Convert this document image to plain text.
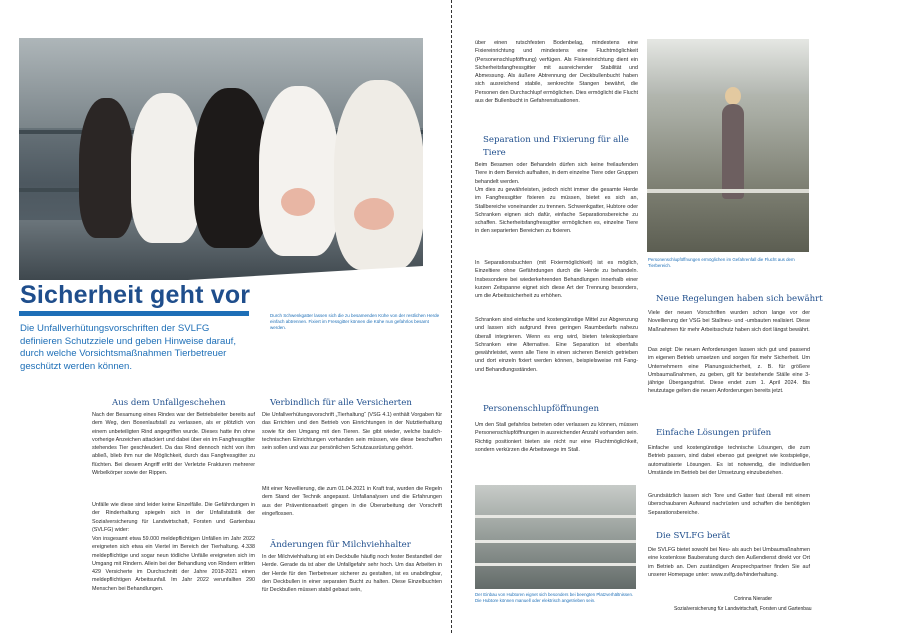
Sicherheit geht vor

Durch Schwenkgatter lassen sich die zu besamenden Kühe von der restlichen Herde einfach abtrennen. Fixiert im Fressgitter können die Kühe nun gefahrlos besamt werden.

Die Unfallverhütungsvorschriften der SVLFG definieren Schutzziele und geben Hinweise darauf, durch welche Vorsichtsmaßnahmen Tierbetreuer geschützt werden können.

Aus dem Unfallgeschehen

Nach der Besamung eines Rindes war der Betriebsleiter bereits auf dem Weg, den Boxenlaufstall zu verlassen, als er plötzlich von einem unbeteiligten Rind angegriffen wurde. Dieses hatte ihn ohne vorherige Anzeichen attackiert und dabei über ein im Fangfressgitter stehendes Tier geschleudert. Da das Rind dennoch nicht von ihm abließ, blieb ihm nur die Möglichkeit, durch das Fangfressgitter zu flüchten. Bei diesem Angriff erlitt der Verletzte Frakturen mehrerer Wirbelkörper sowie der Rippen.

Unfälle wie diese sind leider keine Einzelfälle. Die Gefährdungen in der Rinderhaltung spiegeln sich in der Unfallstatistik der Sozialversicherung für Landwirtschaft, Forsten und Gartenbau (SVLFG) wider:

Von insgesamt etwa 59.000 meldepflichtigen Unfällen im Jahr 2022 ereigneten sich etwa ein Viertel im Bereich der Tierhaltung. 4.338 meldepflichtige und sogar neun tödliche Unfälle ereigneten sich im Umgang mit Rindern. Allein bei der Behandlung von Rindern erlitten 429 Versicherte im Durchschnitt der Jahre 2018-2021 einen meldepflichtigen Arbeitsunfall. Im Jahr 2022 verunfallten 290 Menschen bei Behandlungen.

Verbindlich für alle Versicherten

Die Unfallverhütungsvorschrift „Tierhaltung“ (VSG 4.1) enthält Vorgaben für das Errichten und den Betrieb von Einrichtungen in der Nutztierhaltung sowie für den Umgang mit den Tieren. Sie gibt wieder, welche baulich-technischen Einrichtungen vorhanden sein müssen, wie diese beschaffen sein sollen und was zur persönlichen Schutzausrüstung gehört.

Mit einer Novellierung, die zum 01.04.2021 in Kraft trat, wurden die Regeln dem Stand der Technik angepasst. Unfallanalysen und die Erfahrungen aus der Präventionsarbeit gingen in die Überarbeitung der Vorschrift eingeflossen.

Änderungen für Milchviehhalter

In der Milchviehhaltung ist ein Deckbulle häufig noch fester Bestandteil der Herde. Gerade da ist aber die Unfallgefahr sehr hoch. Um das Arbeiten in der Herde für den Tierbetreuer sicherer zu gestalten, ist es unabdingbar, den Deckbullen in einer separaten Bucht zu halten. Diese Einzelbuchten für Deckbullen müssen stabil gebaut sein,

über einen rutschfesten Bodenbelag, mindestens eine Fixiereinrichtung und mindestens eine Fluchtmöglichkeit (Personenschlupföffnung) verfügen. Als Fixiereinrichtung dient ein Sicherheitsfangfressgitter mit ausreichender Stabilität und Abmessung. Als äußere Abtrennung der Deckbullenbucht haben sich ausreichend stabile, senkrechte Stangen bewährt, die Personen den Durchschlupf ermöglichen. Dies ermöglicht die Flucht aus der Bullenbucht in Gefahrensituationen.

Separation und Fixierung für alle Tiere

Beim Besamen oder Behandeln dürfen sich keine freilaufenden Tiere in dem Bereich aufhalten, in dem einzelne Tiere oder Gruppen behandelt werden.

Um dies zu gewährleisten, jedoch nicht immer die gesamte Herde im Fangfressgitter fixieren zu müssen, bietet es sich an, Stallbereiche voneinander zu trennen. Schwenkgatter, Hubtore oder Schranken eignen sich dafür, einfache Separationsbereiche zu schaffen. Sicherheitsfangfressgitter ermöglichen es, einzelne Tiere in den separierten Bereichen zu fixieren.

In Separationsbuchten (mit Fixiermöglichkeit) ist es möglich, Einzeltiere ohne Gefährdungen durch die Herde zu behandeln. Insbesondere bei wiederkehrenden Behandlungen innerhalb einer kurzen Zeitspanne eignet sich diese Art der Trennung besonders, um die Arbeitssicherheit zu erhöhen.

Schranken sind einfache und kostengünstige Mittel zur Abgrenzung und lassen sich aufgrund ihres geringen Raumbedarfs nahezu überall integrieren. Wenn es eng wird, bieten teleskopierbare Schranken eine Alternative. Eine Separation ist ebenfalls gewährleistet, wenn alle Tiere in einen sicheren Bereich getrieben und dort einzeln fixiert werden können, beispielsweise mit Fang- und Behandlungsständen.

Personenschlupföffnungen

Um den Stall gefahrlos betreten oder verlassen zu können, müssen Personenschlupföffnungen in ausreichender Anzahl vorhanden sein. Richtig positioniert bieten sie nicht nur eine Fluchtmöglichkeit, sondern verkürzen die Arbeitswege im Stall.

Der Einbau von Hubtoren eignet sich besonders bei beengten Platzverhältnissen. Die Hubtore können manuell oder elektrisch angetrieben sein.

Personenschlupföffnungen ermöglichen im Gefahrenfall die Flucht aus dem Tierbereich.

Neue Regelungen haben sich bewährt

Viele der neuen Vorschriften wurden schon lange vor der Novellierung der VSG bei Stallneu- und -umbauten realisiert. Diese Maßnahmen für mehr Arbeitsschutz haben sich dort längst bewährt.

Das zeigt: Die neuen Anforderungen lassen sich gut und passend im eigenen Betrieb umsetzen und sorgen für mehr Sicherheit. Um Unternehmern eine Planungssicherheit, z. B. für größere Umbaumaßnahmen, zu geben, gilt für bestehende Ställe eine 3-jährige Übergangsfrist. Diese endet zum 1. April 2024. Bis heutzutage gelten die neuen Anforderungen bereits jetzt.

Einfache Lösungen prüfen

Einfache und kostengünstige technische Lösungen, die zum Betrieb passen, sind dabei ebenso gut geeignet wie kostspielige, automatisierte Lösungen. Es ist notwendig, die individuellen Umstände im Betrieb bei der Umsetzung einzubeziehen.

Grundsätzlich lassen sich Tore und Gatter fast überall mit einem überschaubaren Aufwand nachrüsten und schaffen die benötigten Separationsbereiche.

Die SVLFG berät

Die SVLFG bietet sowohl bei Neu- als auch bei Umbaumaßnahmen eine kostenlose Bauberatung durch den Außendienst direkt vor Ort im Betrieb an. Den zuständigen Ansprechpartner finden Sie auf unserer Homepage unter: www.svlfg.de/hinderhaltung.

Corinna Nierader

Sozialversicherung für Landwirtschaft, Forsten und Gartenbau
